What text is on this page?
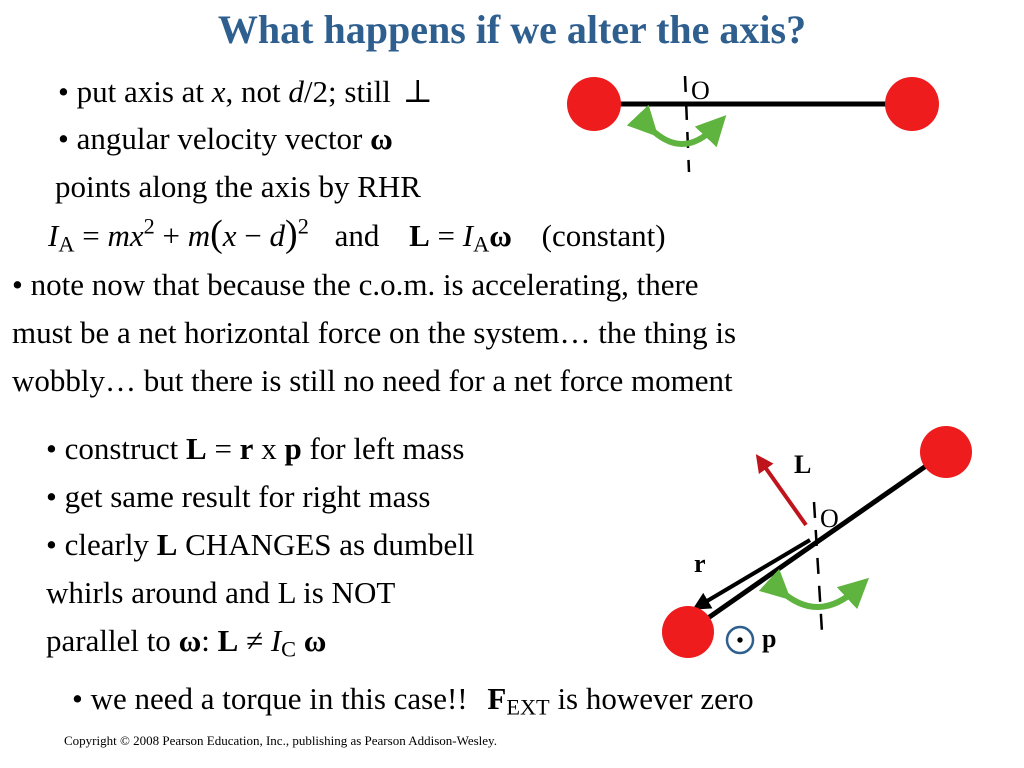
What happens if we alter the axis?
• put axis at x, not d/2; still ⊥
• angular velocity vector ω
points along the axis by RHR
$I_A = mx^2 + m(x - d)^2$ and $L = I_A\omega$ (constant)
• note now that because the c.o.m. is accelerating, there
must be a net horizontal force on the system… the thing is
wobbly… but there is still no need for a net force moment
• construct L = r x p for left mass
• get same result for right mass
• clearly L CHANGES as dumbell
whirls around and L is NOT
parallel to ω: $L \ne I_C$ ω
• we need a torque in this case!! $F_{EXT}$ is however zero
Copyright © 2008 Pearson Education, Inc., publishing as Pearson Addison-Wesley.
O
•
L
O
r
p
